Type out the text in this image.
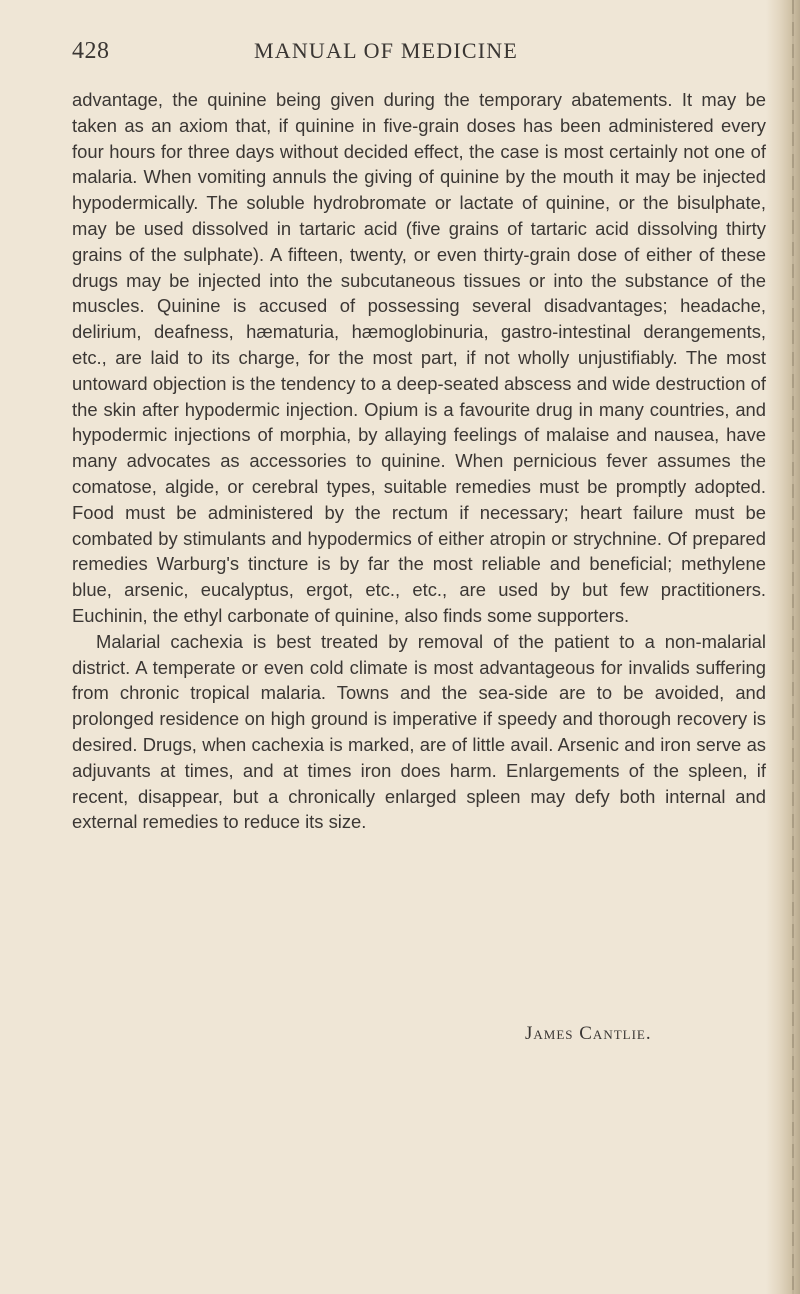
428	MANUAL OF MEDICINE

advantage, the quinine being given during the temporary abatements. It may be taken as an axiom that, if quinine in five-grain doses has been administered every four hours for three days without decided effect, the case is most certainly not one of malaria. When vomiting annuls the giving of quinine by the mouth it may be injected hypodermically. The soluble hydrobromate or lactate of quinine, or the bisulphate, may be used dissolved in tartaric acid (five grains of tartaric acid dissolving thirty grains of the sulphate). A fifteen, twenty, or even thirty-grain dose of either of these drugs may be injected into the subcutaneous tissues or into the substance of the muscles. Quinine is accused of possessing several disadvantages; headache, delirium, deafness, hæmaturia, hæmoglobinuria, gastro-intestinal derangements, etc., are laid to its charge, for the most part, if not wholly unjustifiably. The most untoward objection is the tendency to a deep-seated abscess and wide destruction of the skin after hypodermic injection. Opium is a favourite drug in many countries, and hypodermic injections of morphia, by allaying feelings of malaise and nausea, have many advocates as accessories to quinine. When pernicious fever assumes the comatose, algide, or cerebral types, suitable remedies must be promptly adopted. Food must be administered by the rectum if necessary; heart failure must be combated by stimulants and hypodermics of either atropin or strychnine. Of prepared remedies Warburg's tincture is by far the most reliable and beneficial; methylene blue, arsenic, eucalyptus, ergot, etc., etc., are used by but few practitioners. Euchinin, the ethyl carbonate of quinine, also finds some supporters.

Malarial cachexia is best treated by removal of the patient to a non-malarial district. A temperate or even cold climate is most advantageous for invalids suffering from chronic tropical malaria. Towns and the sea-side are to be avoided, and prolonged residence on high ground is imperative if speedy and thorough recovery is desired. Drugs, when cachexia is marked, are of little avail. Arsenic and iron serve as adjuvants at times, and at times iron does harm. Enlargements of the spleen, if recent, disappear, but a chronically enlarged spleen may defy both internal and external remedies to reduce its size.

James Cantlie.
